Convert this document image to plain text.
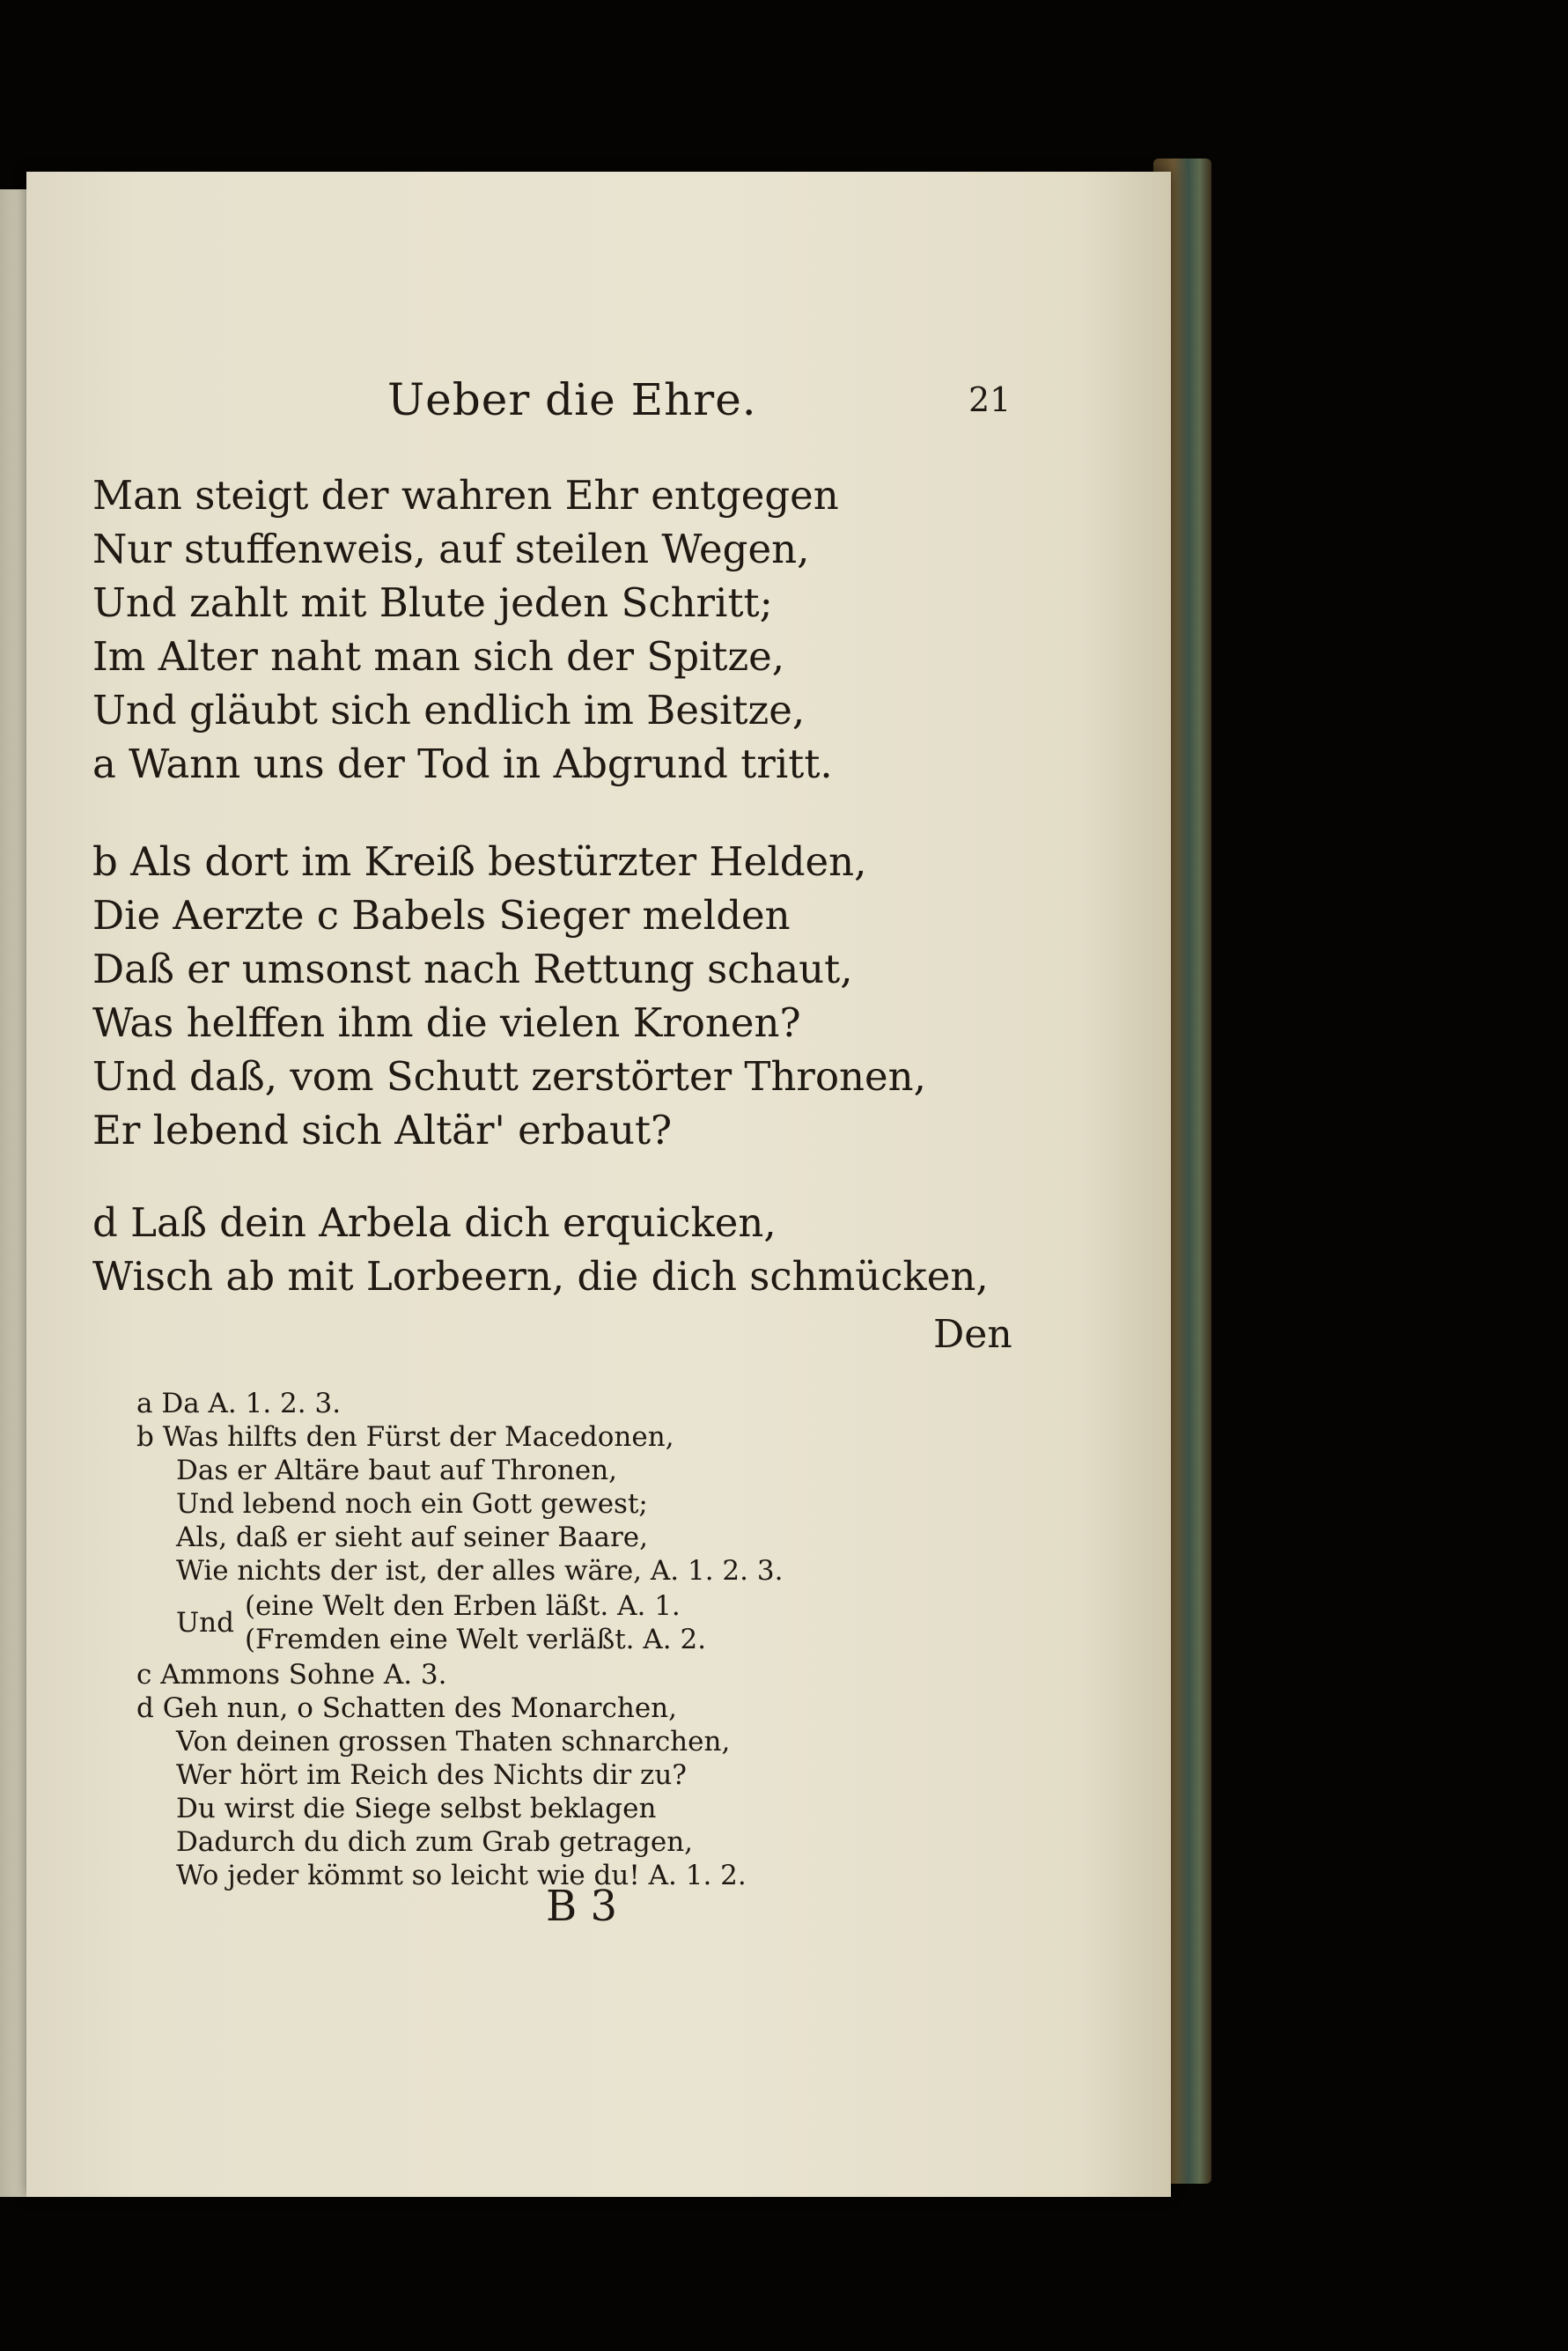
Ueber die Ehre.	21
Man steigt der wahren Ehr entgegen
Nur stuffenweis, auf steilen Wegen,
Und zahlt mit Blute jeden Schritt;
Im Alter naht man sich der Spitze,
Und gläubt sich endlich im Besitze,
a Wann uns der Tod in Abgrund tritt.
b Als dort im Kreiß bestürzter Helden,
Die Aerzte c Babels Sieger melden
Daß er umsonst nach Rettung schaut,
Was helffen ihm die vielen Kronen?
Und daß, vom Schutt zerstörter Thronen,
Er lebend sich Altär' erbaut?
d Laß dein Arbela dich erquicken,
Wisch ab mit Lorbeern, die dich schmücken,
Den
a Da A. 1. 2. 3.
b Was hilfts den Fürst der Macedonen,
Das er Altäre baut auf Thronen,
Und lebend noch ein Gott gewest;
Als, daß er sieht auf seiner Baare,
Wie nichts der ist, der alles wäre, A. 1. 2. 3.
Und
(eine Welt den Erben läßt. A. 1.
(Fremden eine Welt verläßt. A. 2.
c Ammons Sohne A. 3.
d Geh nun, o Schatten des Monarchen,
Von deinen grossen Thaten schnarchen,
Wer hört im Reich des Nichts dir zu?
Du wirst die Siege selbst beklagen
Dadurch du dich zum Grab getragen,
Wo jeder kömmt so leicht wie du! A. 1. 2.
B 3
